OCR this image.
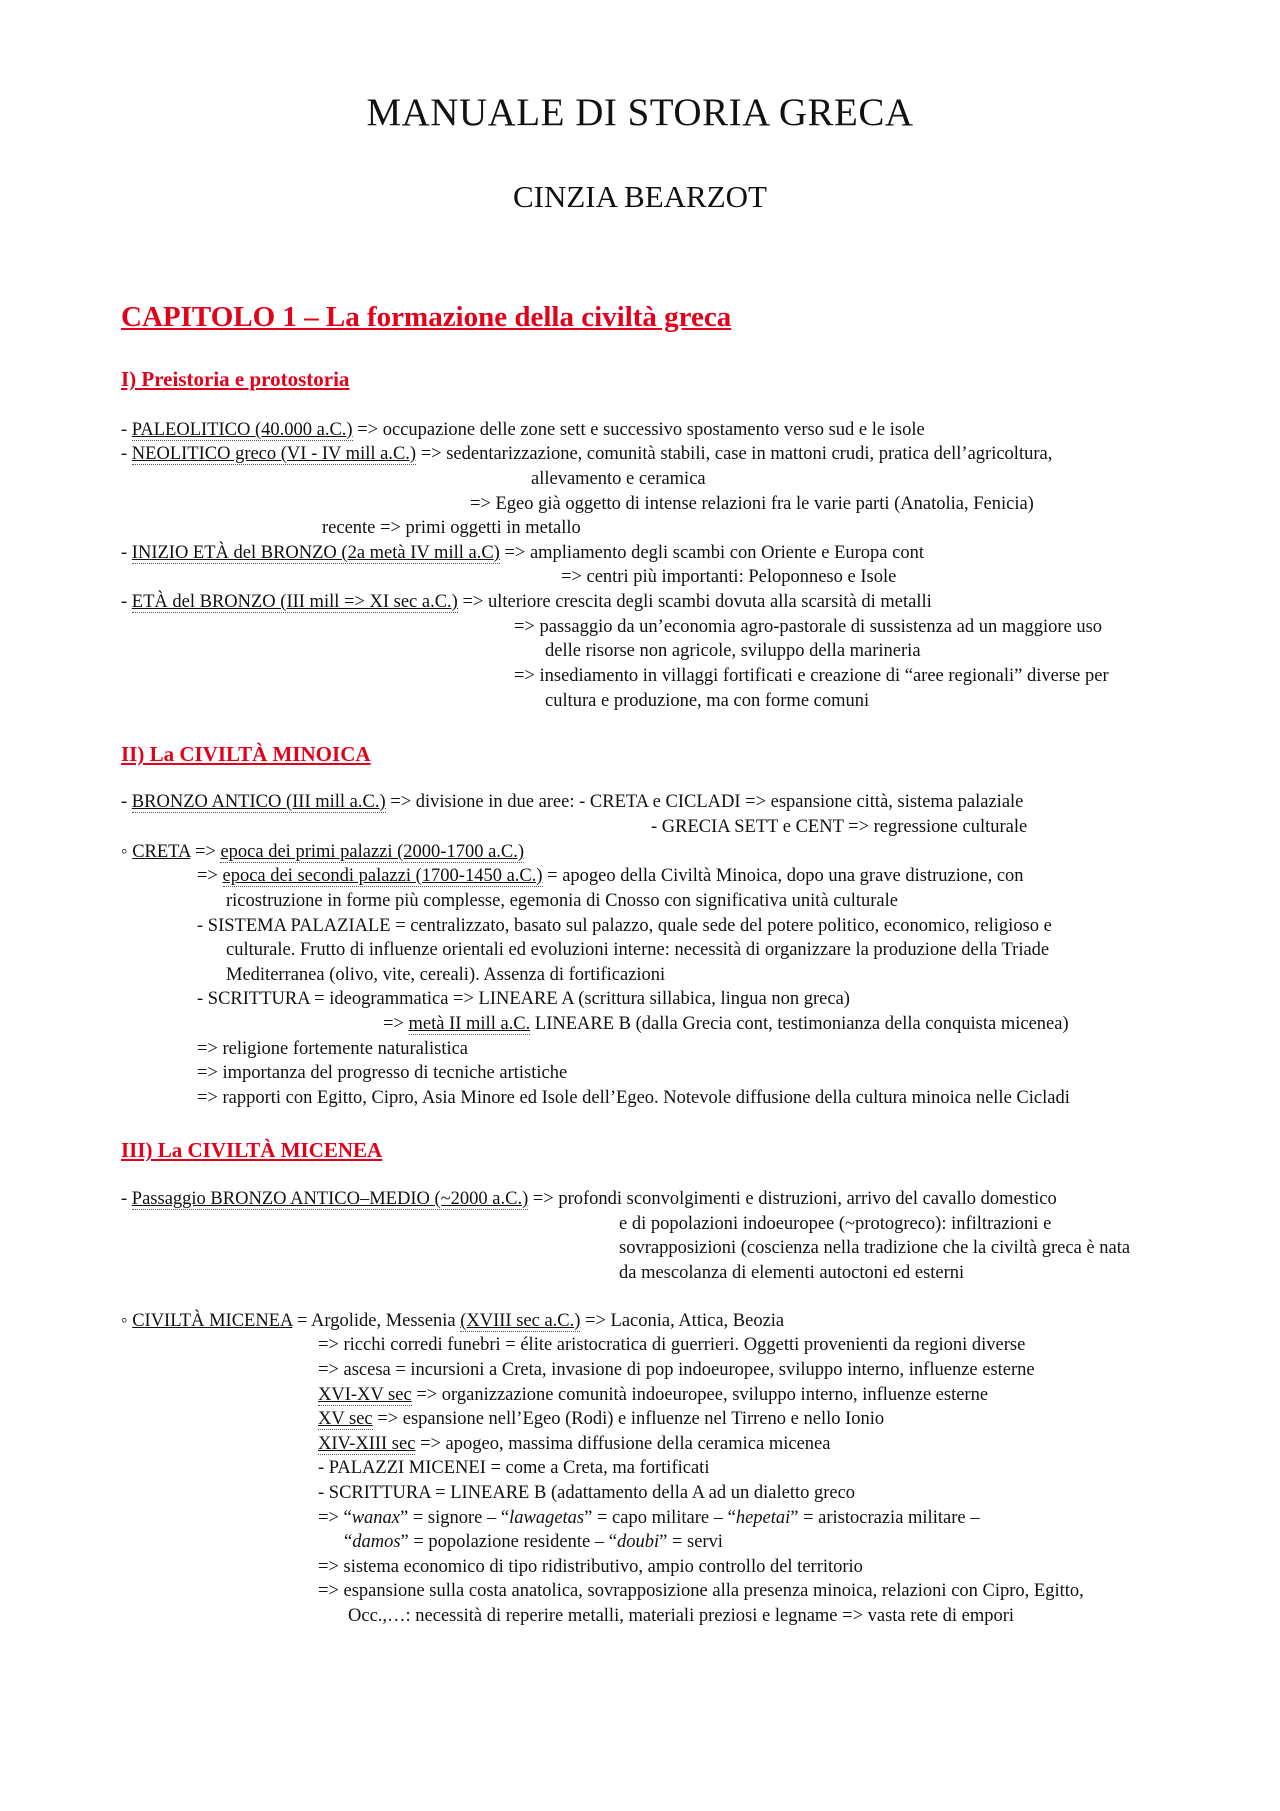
MANUALE DI STORIA GRECA
CINZIA BEARZOT
CAPITOLO 1 – La formazione della civiltà greca
I) Preistoria e protostoria
- PALEOLITICO (40.000 a.C.) => occupazione delle zone sett e successivo spostamento verso sud e le isole
- NEOLITICO greco (VI - IV mill a.C.) => sedentarizzazione, comunità stabili, case in mattoni crudi, pratica dell’agricoltura,
allevamento e ceramica
=> Egeo già oggetto di intense relazioni fra le varie parti (Anatolia, Fenicia)
recente => primi oggetti in metallo
- INIZIO ETÀ del BRONZO (2a metà IV mill a.C) => ampliamento degli scambi con Oriente e Europa cont
=> centri più importanti: Peloponneso e Isole
- ETÀ del BRONZO (III mill => XI sec a.C.) => ulteriore crescita degli scambi dovuta alla scarsità di metalli
=> passaggio da un’economia agro-pastorale di sussistenza ad un maggiore uso
delle risorse non agricole, sviluppo della marineria
=> insediamento in villaggi fortificati e creazione di “aree regionali” diverse per
cultura e produzione, ma con forme comuni
II) La CIVILTÀ MINOICA
- BRONZO ANTICO (III mill a.C.) => divisione in due aree: - CRETA e CICLADI => espansione città, sistema palaziale
- GRECIA SETT e CENT => regressione culturale
◦ CRETA => epoca dei primi palazzi (2000-1700 a.C.)
=> epoca dei secondi palazzi (1700-1450 a.C.) = apogeo della Civiltà Minoica, dopo una grave distruzione, con
ricostruzione in forme più complesse, egemonia di Cnosso con significativa unità culturale
- SISTEMA PALAZIALE = centralizzato, basato sul palazzo, quale sede del potere politico, economico, religioso e
culturale. Frutto di influenze orientali ed evoluzioni interne: necessità di organizzare la produzione della Triade
Mediterranea (olivo, vite, cereali). Assenza di fortificazioni
- SCRITTURA = ideogrammatica => LINEARE A (scrittura sillabica, lingua non greca)
=> metà II mill a.C. LINEARE B (dalla Grecia cont, testimonianza della conquista micenea)
=> religione fortemente naturalistica
=> importanza del progresso di tecniche artistiche
=> rapporti con Egitto, Cipro, Asia Minore ed Isole dell’Egeo. Notevole diffusione della cultura minoica nelle Cicladi
III) La CIVILTÀ MICENEA
- Passaggio BRONZO ANTICO–MEDIO (~2000 a.C.) => profondi sconvolgimenti e distruzioni, arrivo del cavallo domestico
e di popolazioni indoeuropee (~protogreco): infiltrazioni e
sovrapposizioni (coscienza nella tradizione che la civiltà greca è nata
da mescolanza di elementi autoctoni ed esterni
◦ CIVILTÀ MICENEA = Argolide, Messenia (XVIII sec a.C.) => Laconia, Attica, Beozia
=> ricchi corredi funebri = élite aristocratica di guerrieri. Oggetti provenienti da regioni diverse
=> ascesa = incursioni a Creta, invasione di pop indoeuropee, sviluppo interno, influenze esterne
XVI-XV sec => organizzazione comunità indoeuropee, sviluppo interno, influenze esterne
XV sec => espansione nell’Egeo (Rodi) e influenze nel Tirreno e nello Ionio
XIV-XIII sec => apogeo, massima diffusione della ceramica micenea
- PALAZZI MICENEI = come a Creta, ma fortificati
- SCRITTURA = LINEARE B (adattamento della A ad un dialetto greco
=> “wanax” = signore – “lawagetas” = capo militare – “hepetai” = aristocrazia militare –
“damos” = popolazione residente – “doubi” = servi
=> sistema economico di tipo ridistributivo, ampio controllo del territorio
=> espansione sulla costa anatolica, sovrapposizione alla presenza minoica, relazioni con Cipro, Egitto,
Occ.,…: necessità di reperire metalli, materiali preziosi e legname => vasta rete di empori
